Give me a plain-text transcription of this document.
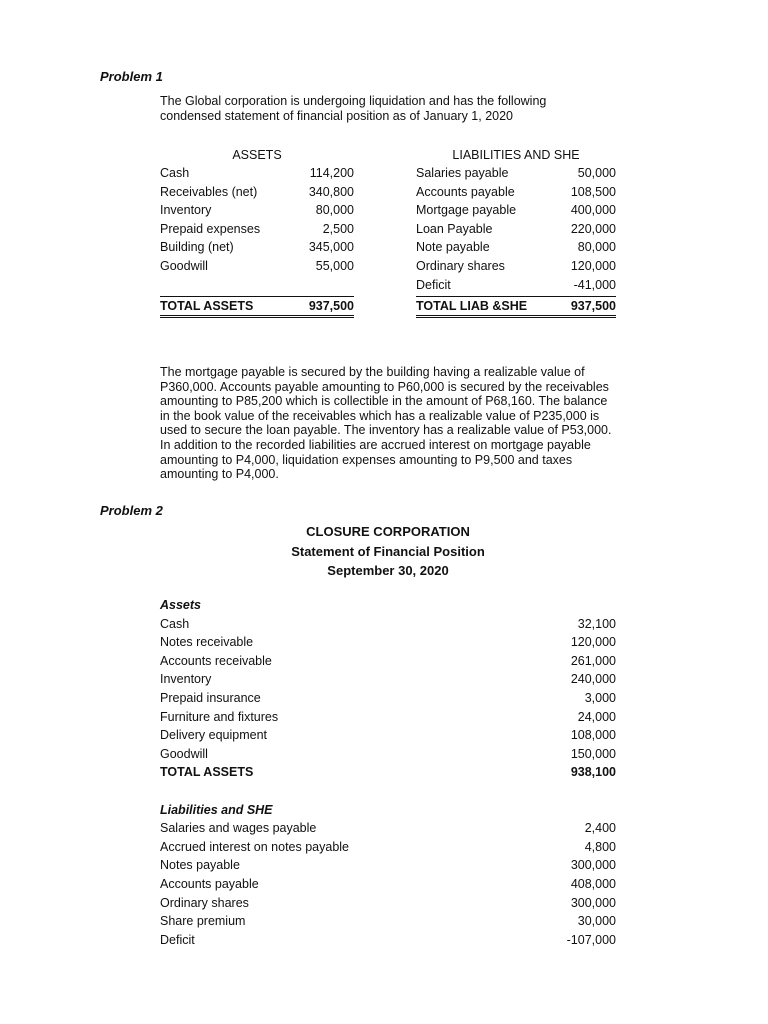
Problem 1
The Global corporation is undergoing liquidation and has the following condensed statement of financial position as of January 1, 2020
ASSETS
Cash	114,200
Receivables (net)	340,800
Inventory	80,000
Prepaid expenses	2,500
Building (net)	345,000
Goodwill	55,000
TOTAL ASSETS	937,500
LIABILITIES AND SHE
Salaries payable	50,000
Accounts payable	108,500
Mortgage payable	400,000
Loan Payable	220,000
Note payable	80,000
Ordinary shares	120,000
Deficit	-41,000
TOTAL LIAB &SHE	937,500
The mortgage payable is secured by the building having a realizable value of P360,000. Accounts payable amounting to P60,000 is secured by the receivables amounting to P85,200 which is collectible in the amount of P68,160. The balance in the book value of the receivables which has a realizable value of P235,000 is used to secure the loan payable. The inventory has a realizable value of P53,000. In addition to the recorded liabilities are accrued interest on mortgage payable amounting to P4,000, liquidation expenses amounting to P9,500 and taxes amounting to P4,000.
Problem 2
CLOSURE CORPORATION
Statement of Financial Position
September 30, 2020
Assets
Cash	32,100
Notes receivable	120,000
Accounts receivable	261,000
Inventory	240,000
Prepaid insurance	3,000
Furniture and fixtures	24,000
Delivery equipment	108,000
Goodwill	150,000
TOTAL ASSETS	938,100
Liabilities and SHE
Salaries and wages payable	2,400
Accrued interest on notes payable	4,800
Notes payable	300,000
Accounts payable	408,000
Ordinary shares	300,000
Share premium	30,000
Deficit	-107,000
